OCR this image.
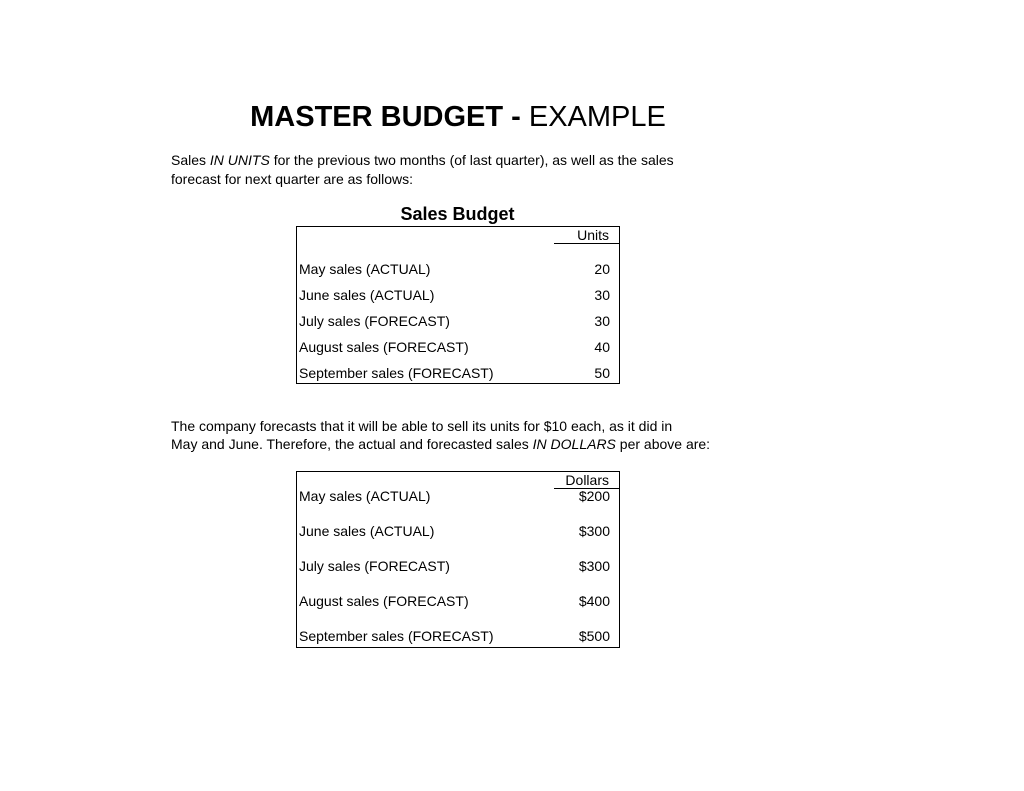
MASTER BUDGET - EXAMPLE
Sales IN UNITS for the previous two months (of last quarter), as well as the sales
forecast for next quarter are as follows:
Sales Budget
Units
May sales (ACTUAL)	20
June sales (ACTUAL)	30
July sales (FORECAST)	30
August sales (FORECAST)	40
September sales (FORECAST)	50
The company forecasts that it will be able to sell its units for $10 each, as it did in
May and June. Therefore, the actual and forecasted sales IN DOLLARS per above are:
Dollars
May sales (ACTUAL)	$200
June sales (ACTUAL)	$300
July sales (FORECAST)	$300
August sales (FORECAST)	$400
September sales (FORECAST)	$500
